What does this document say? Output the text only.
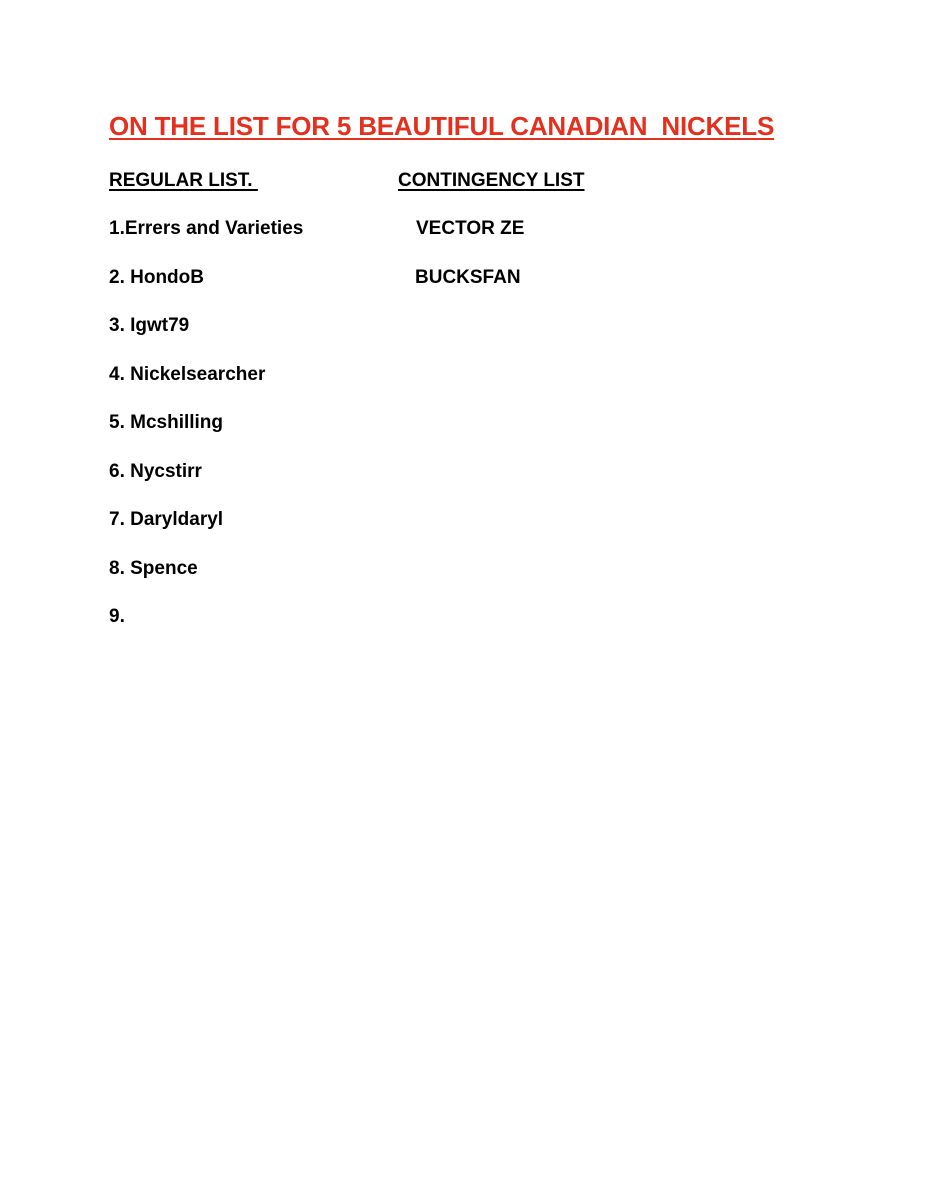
ON THE LIST FOR 5 BEAUTIFUL CANADIAN  NICKELS
REGULAR LIST.	CONTINGENCY LIST
1.Errers and Varieties
2. HondoB
3. Igwt79
4. Nickelsearcher
5. Mcshilling
6. Nycstirr
7. Daryldaryl
8. Spence
9.
VECTOR ZE
BUCKSFAN
